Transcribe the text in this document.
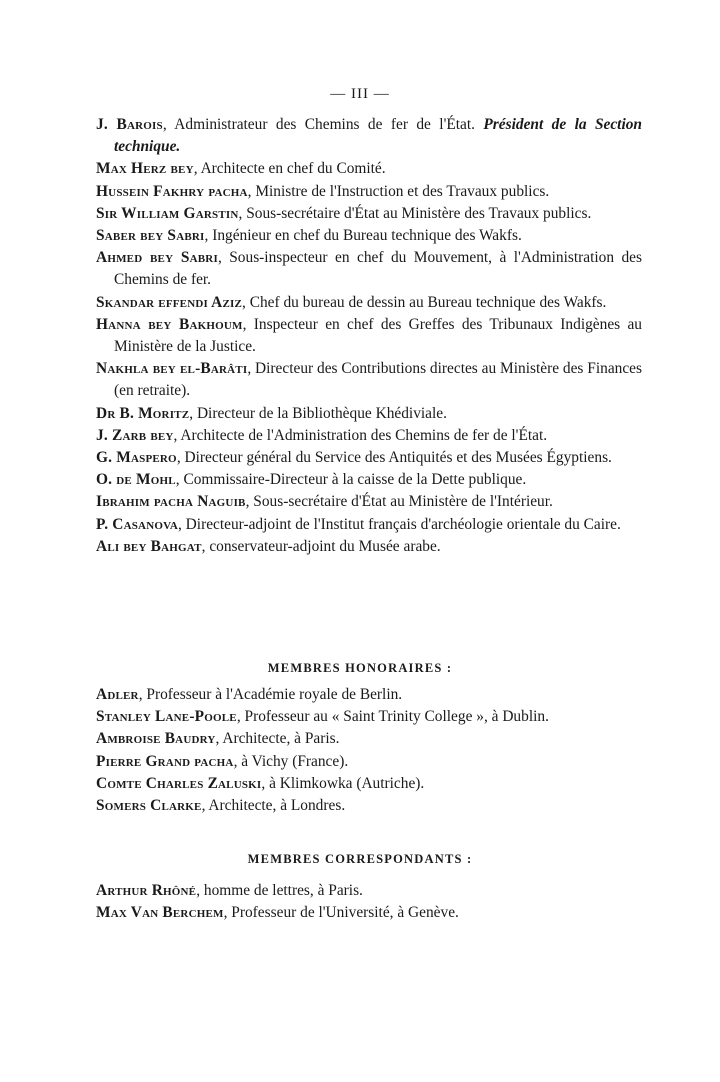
— III —
J. Barois, Administrateur des Chemins de fer de l'État. Président de la Section technique.
Max Herz bey, Architecte en chef du Comité.
Hussein Fakhry pacha, Ministre de l'Instruction et des Travaux publics.
Sir William Garstin, Sous-secrétaire d'État au Ministère des Travaux publics.
Saber bey Sabri, Ingénieur en chef du Bureau technique des Wakfs.
Ahmed bey Sabri, Sous-inspecteur en chef du Mouvement, à l'Administration des Chemins de fer.
Skandar effendi Aziz, Chef du bureau de dessin au Bureau technique des Wakfs.
Hanna bey Bakhoum, Inspecteur en chef des Greffes des Tribunaux Indigènes au Ministère de la Justice.
Nakhla bey el-Barâti, Directeur des Contributions directes au Ministère des Finances (en retraite).
Dr B. Moritz, Directeur de la Bibliothèque Khédiviale.
J. Zarb bey, Architecte de l'Administration des Chemins de fer de l'État.
G. Maspero, Directeur général du Service des Antiquités et des Musées Égyptiens.
O. de Mohl, Commissaire-Directeur à la caisse de la Dette publique.
Ibrahim pacha Naguib, Sous-secrétaire d'État au Ministère de l'Intérieur.
P. Casanova, Directeur-adjoint de l'Institut français d'archéologie orientale du Caire.
Ali bey Bahgat, conservateur-adjoint du Musée arabe.
MEMBRES HONORAIRES :
Adler, Professeur à l'Académie royale de Berlin.
Stanley Lane-Poole, Professeur au « Saint Trinity College », à Dublin.
Ambroise Baudry, Architecte, à Paris.
Pierre Grand pacha, à Vichy (France).
Comte Charles Zaluski, à Klimkowka (Autriche).
Somers Clarke, Architecte, à Londres.
MEMBRES CORRESPONDANTS :
Arthur Rhôné, homme de lettres, à Paris.
Max Van Berchem, Professeur de l'Université, à Genève.
